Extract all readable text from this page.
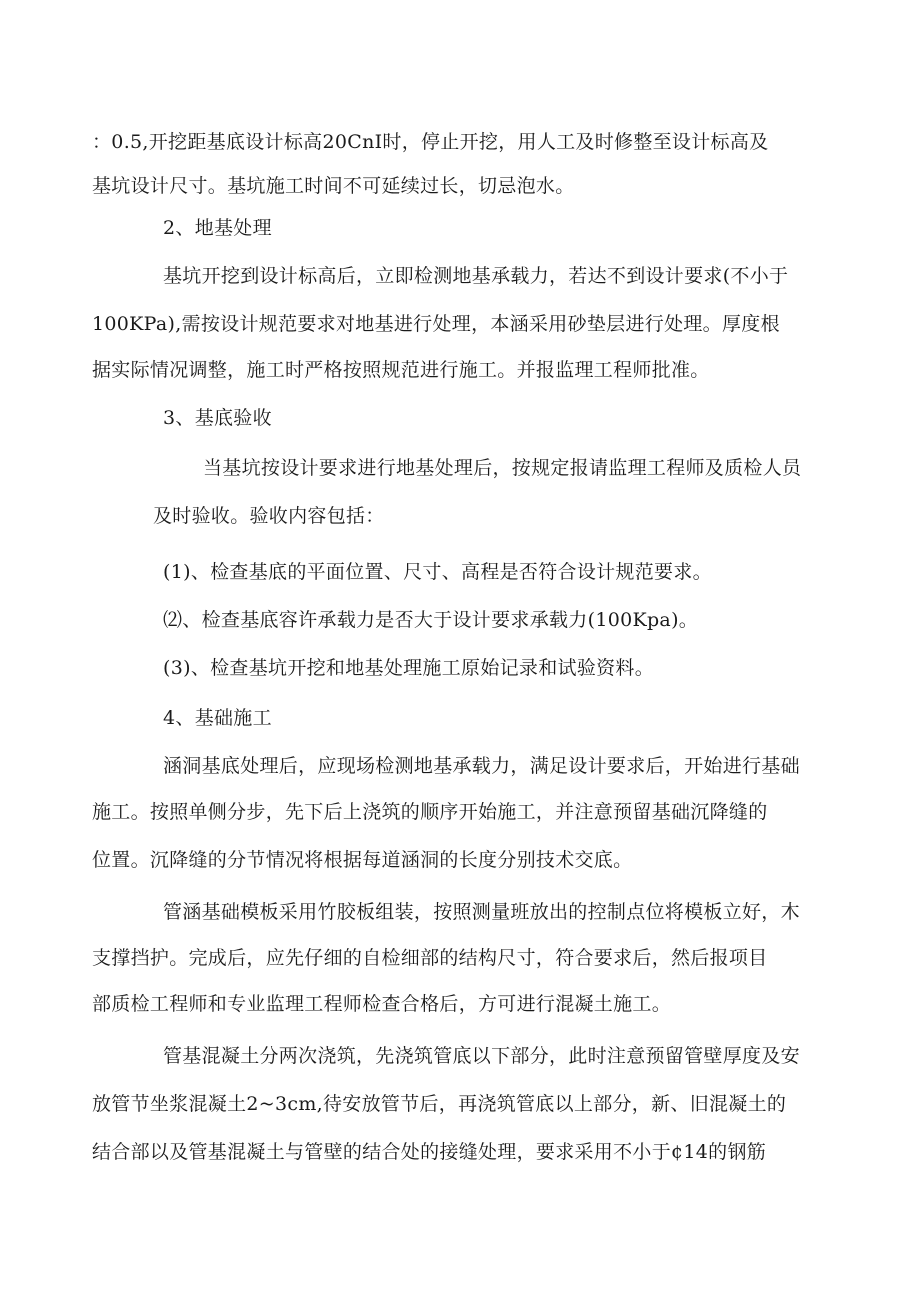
：0.5,开挖距基底设计标高20CnI时，停止开挖，用人工及时修整至设计标高及
基坑设计尺寸。基坑施工时间不可延续过长，切忌泡水。
2、地基处理
基坑开挖到设计标高后，立即检测地基承载力，若达不到设计要求(不小于
100KPa),需按设计规范要求对地基进行处理，本涵采用砂垫层进行处理。厚度根
据实际情况调整，施工时严格按照规范进行施工。并报监理工程师批准。
3、基底验收
当基坑按设计要求进行地基处理后，按规定报请监理工程师及质检人员
及时验收。验收内容包括：
(1)、检查基底的平面位置、尺寸、高程是否符合设计规范要求。
⑵、检查基底容许承载力是否大于设计要求承载力(100Kpa)。
(3)、检查基坑开挖和地基处理施工原始记录和试验资料。
4、基础施工
涵洞基底处理后，应现场检测地基承载力，满足设计要求后，开始进行基础
施工。按照单侧分步，先下后上浇筑的顺序开始施工，并注意预留基础沉降缝的
位置。沉降缝的分节情况将根据每道涵洞的长度分别技术交底。
管涵基础模板采用竹胶板组装，按照测量班放出的控制点位将模板立好，木
支撑挡护。完成后，应先仔细的自检细部的结构尺寸，符合要求后，然后报项目
部质检工程师和专业监理工程师检查合格后，方可进行混凝土施工。
管基混凝土分两次浇筑，先浇筑管底以下部分，此时注意预留管壁厚度及安
放管节坐浆混凝土2~3cm,待安放管节后，再浇筑管底以上部分，新、旧混凝土的
结合部以及管基混凝土与管壁的结合处的接缝处理，要求采用不小于¢14的钢筋
